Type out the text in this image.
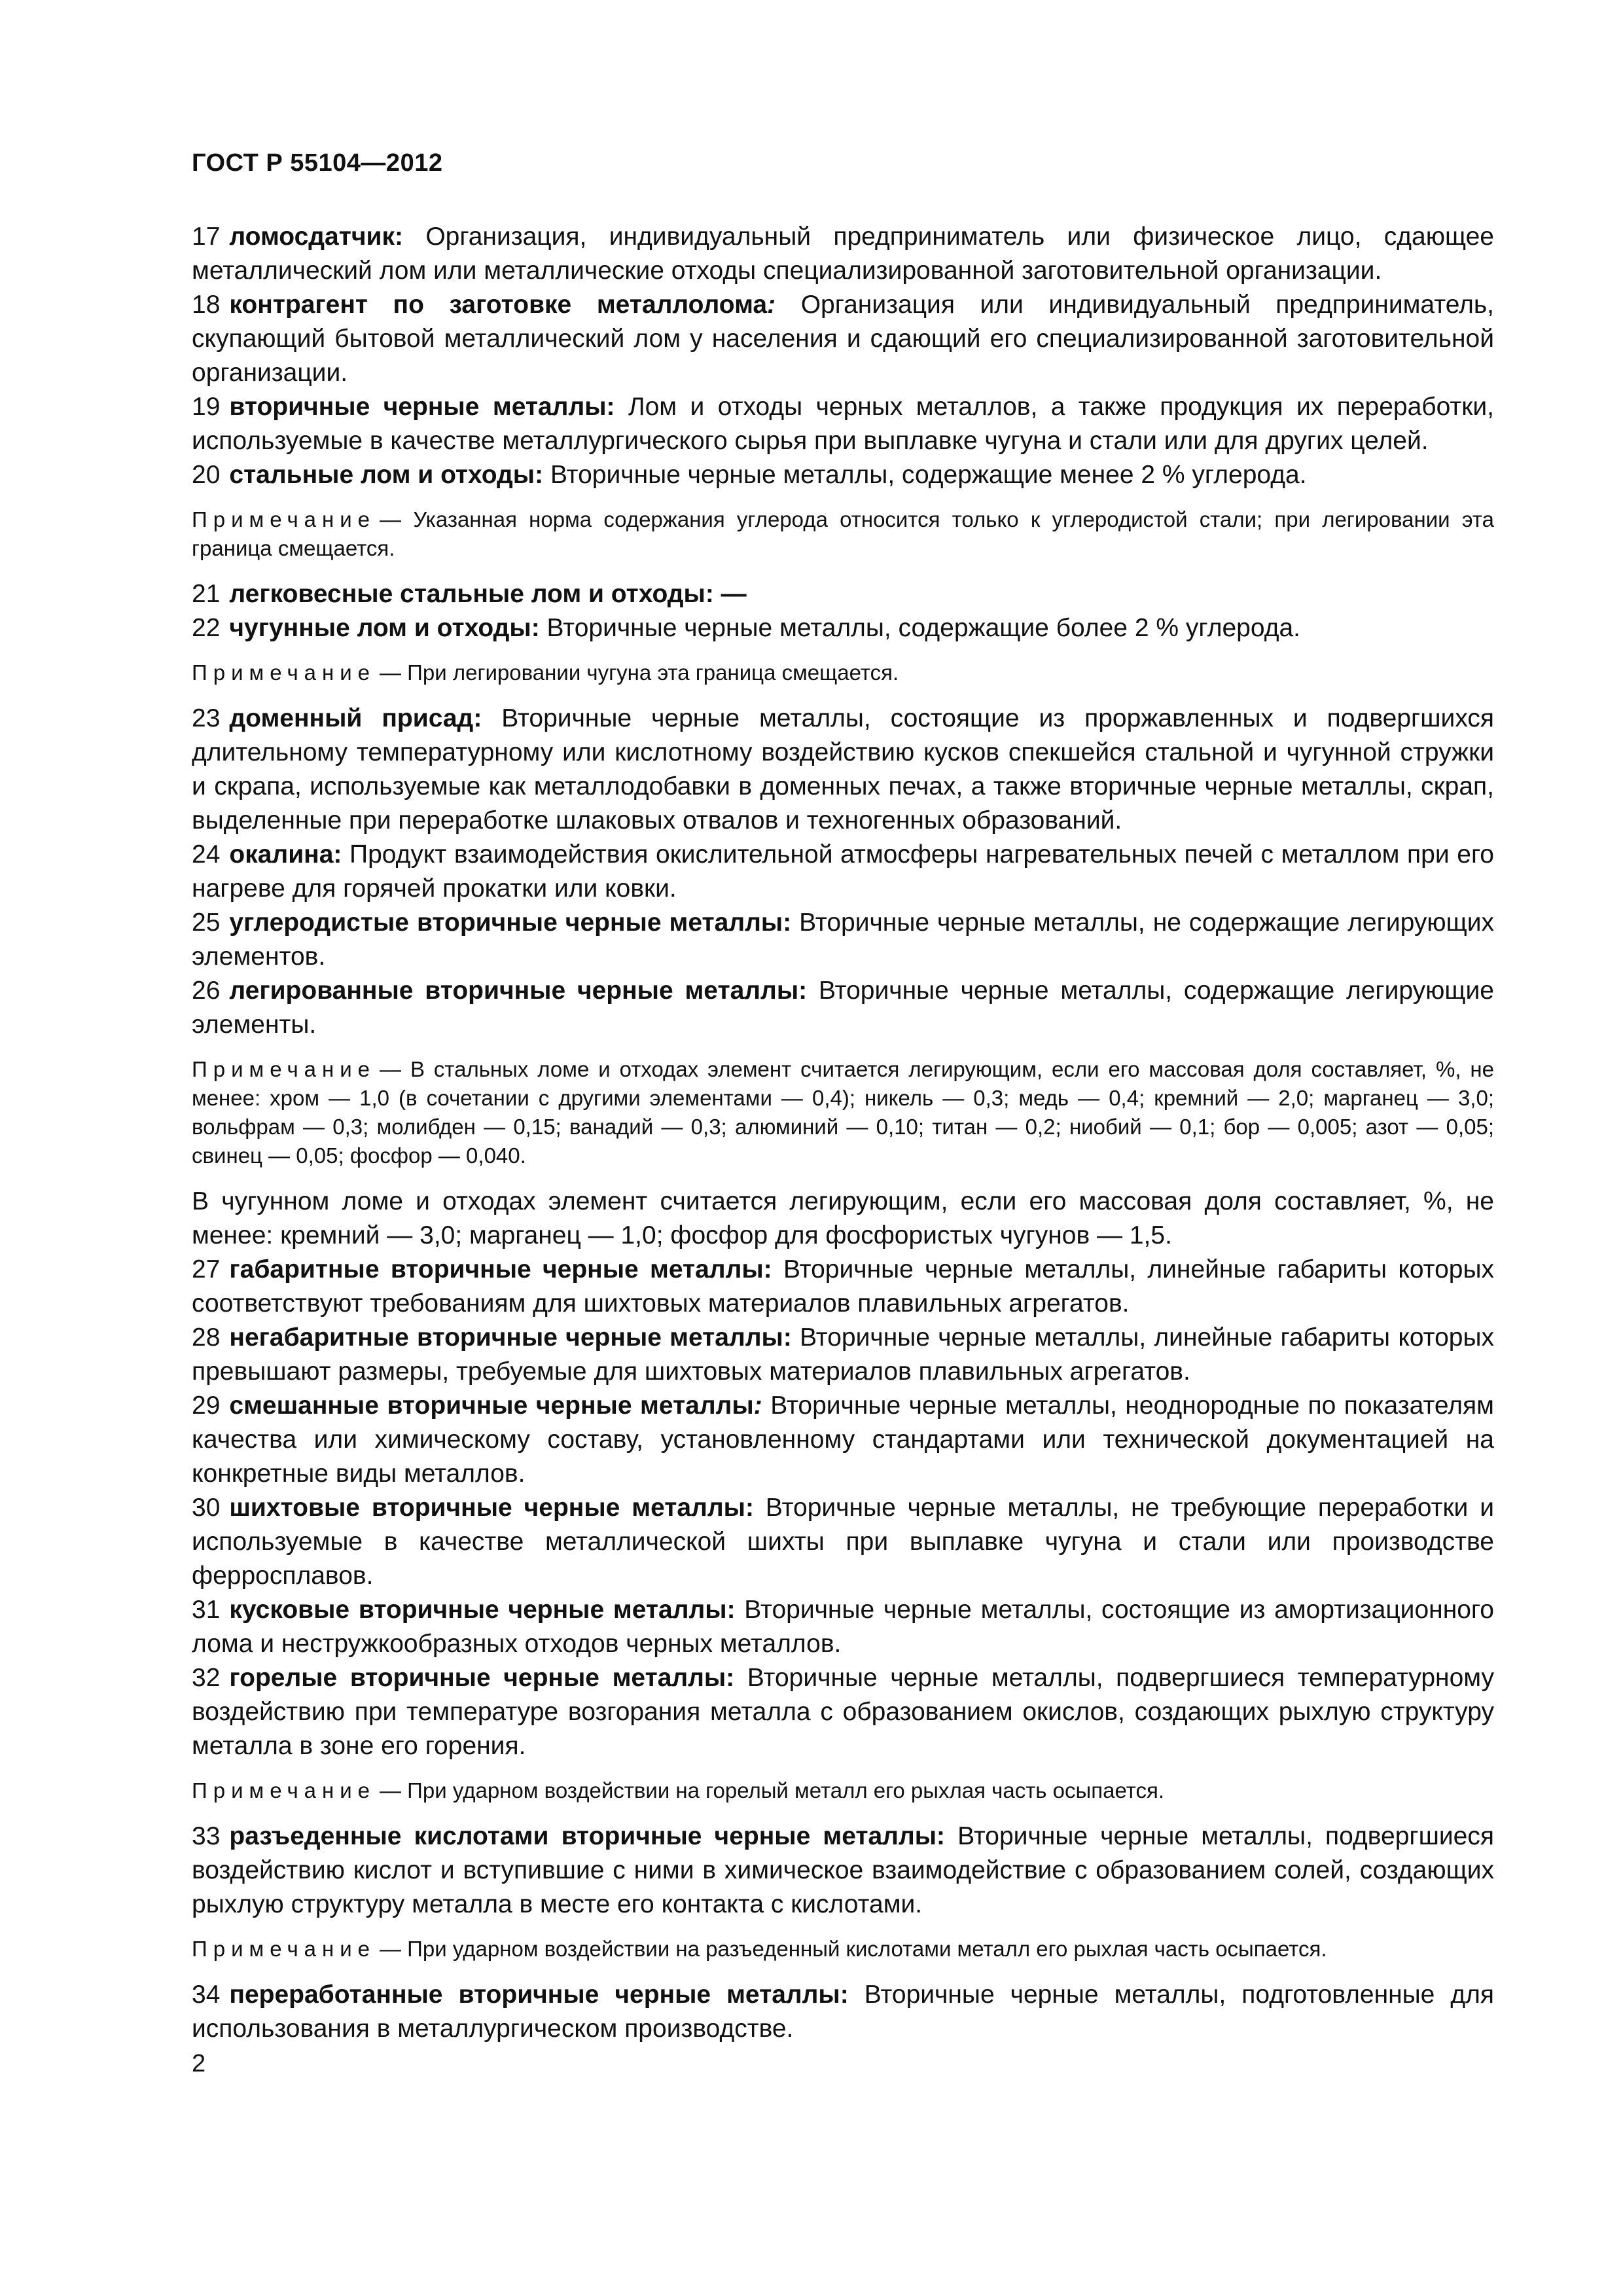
ГОСТ Р 55104—2012

17 ломосдатчик: Организация, индивидуальный предприниматель или физическое лицо, сдающее металлический лом или металлические отходы специализированной заготовительной организации.

18 контрагент по заготовке металлолома: Организация или индивидуальный предприниматель, скупающий бытовой металлический лом у населения и сдающий его специализированной заготовительной организации.

19 вторичные черные металлы: Лом и отходы черных металлов, а также продукция их переработки, используемые в качестве металлургического сырья при выплавке чугуна и стали или для других целей.

20 стальные лом и отходы: Вторичные черные металлы, содержащие менее 2 % углерода.

Примечание — Указанная норма содержания углерода относится только к углеродистой стали; при легировании эта граница смещается.

21 легковесные стальные лом и отходы: —

22 чугунные лом и отходы: Вторичные черные металлы, содержащие более 2 % углерода.

Примечание — При легировании чугуна эта граница смещается.

23 доменный присад: Вторичные черные металлы, состоящие из проржавленных и подвергшихся длительному температурному или кислотному воздействию кусков спекшейся стальной и чугунной стружки и скрапа, используемые как металлодобавки в доменных печах, а также вторичные черные металлы, скрап, выделенные при переработке шлаковых отвалов и техногенных образований.

24 окалина: Продукт взаимодействия окислительной атмосферы нагревательных печей с металлом при его нагреве для горячей прокатки или ковки.

25 углеродистые вторичные черные металлы: Вторичные черные металлы, не содержащие легирующих элементов.

26 легированные вторичные черные металлы: Вторичные черные металлы, содержащие легирующие элементы.

Примечание — В стальных ломе и отходах элемент считается легирующим, если его массовая доля составляет, %, не менее: хром — 1,0 (в сочетании с другими элементами — 0,4); никель — 0,3; медь — 0,4; кремний — 2,0; марганец — 3,0; вольфрам — 0,3; молибден — 0,15; ванадий — 0,3; алюминий — 0,10; титан — 0,2; ниобий — 0,1; бор — 0,005; азот — 0,05; свинец — 0,05; фосфор — 0,040.

В чугунном ломе и отходах элемент считается легирующим, если его массовая доля составляет, %, не менее: кремний — 3,0; марганец — 1,0; фосфор для фосфористых чугунов — 1,5.

27 габаритные вторичные черные металлы: Вторичные черные металлы, линейные габариты которых соответствуют требованиям для шихтовых материалов плавильных агрегатов.

28 негабаритные вторичные черные металлы: Вторичные черные металлы, линейные габариты которых превышают размеры, требуемые для шихтовых материалов плавильных агрегатов.

29 смешанные вторичные черные металлы: Вторичные черные металлы, неоднородные по показателям качества или химическому составу, установленному стандартами или технической документацией на конкретные виды металлов.

30 шихтовые вторичные черные металлы: Вторичные черные металлы, не требующие переработки и используемые в качестве металлической шихты при выплавке чугуна и стали или производстве ферросплавов.

31 кусковые вторичные черные металлы: Вторичные черные металлы, состоящие из амортизационного лома и нестружкообразных отходов черных металлов.

32 горелые вторичные черные металлы: Вторичные черные металлы, подвергшиеся температурному воздействию при температуре возгорания металла с образованием окислов, создающих рыхлую структуру металла в зоне его горения.

Примечание — При ударном воздействии на горелый металл его рыхлая часть осыпается.

33 разъеденные кислотами вторичные черные металлы: Вторичные черные металлы, подвергшиеся воздействию кислот и вступившие с ними в химическое взаимодействие с образованием солей, создающих рыхлую структуру металла в месте его контакта с кислотами.

Примечание — При ударном воздействии на разъеденный кислотами металл его рыхлая часть осыпается.

34 переработанные вторичные черные металлы: Вторичные черные металлы, подготовленные для использования в металлургическом производстве.

2
